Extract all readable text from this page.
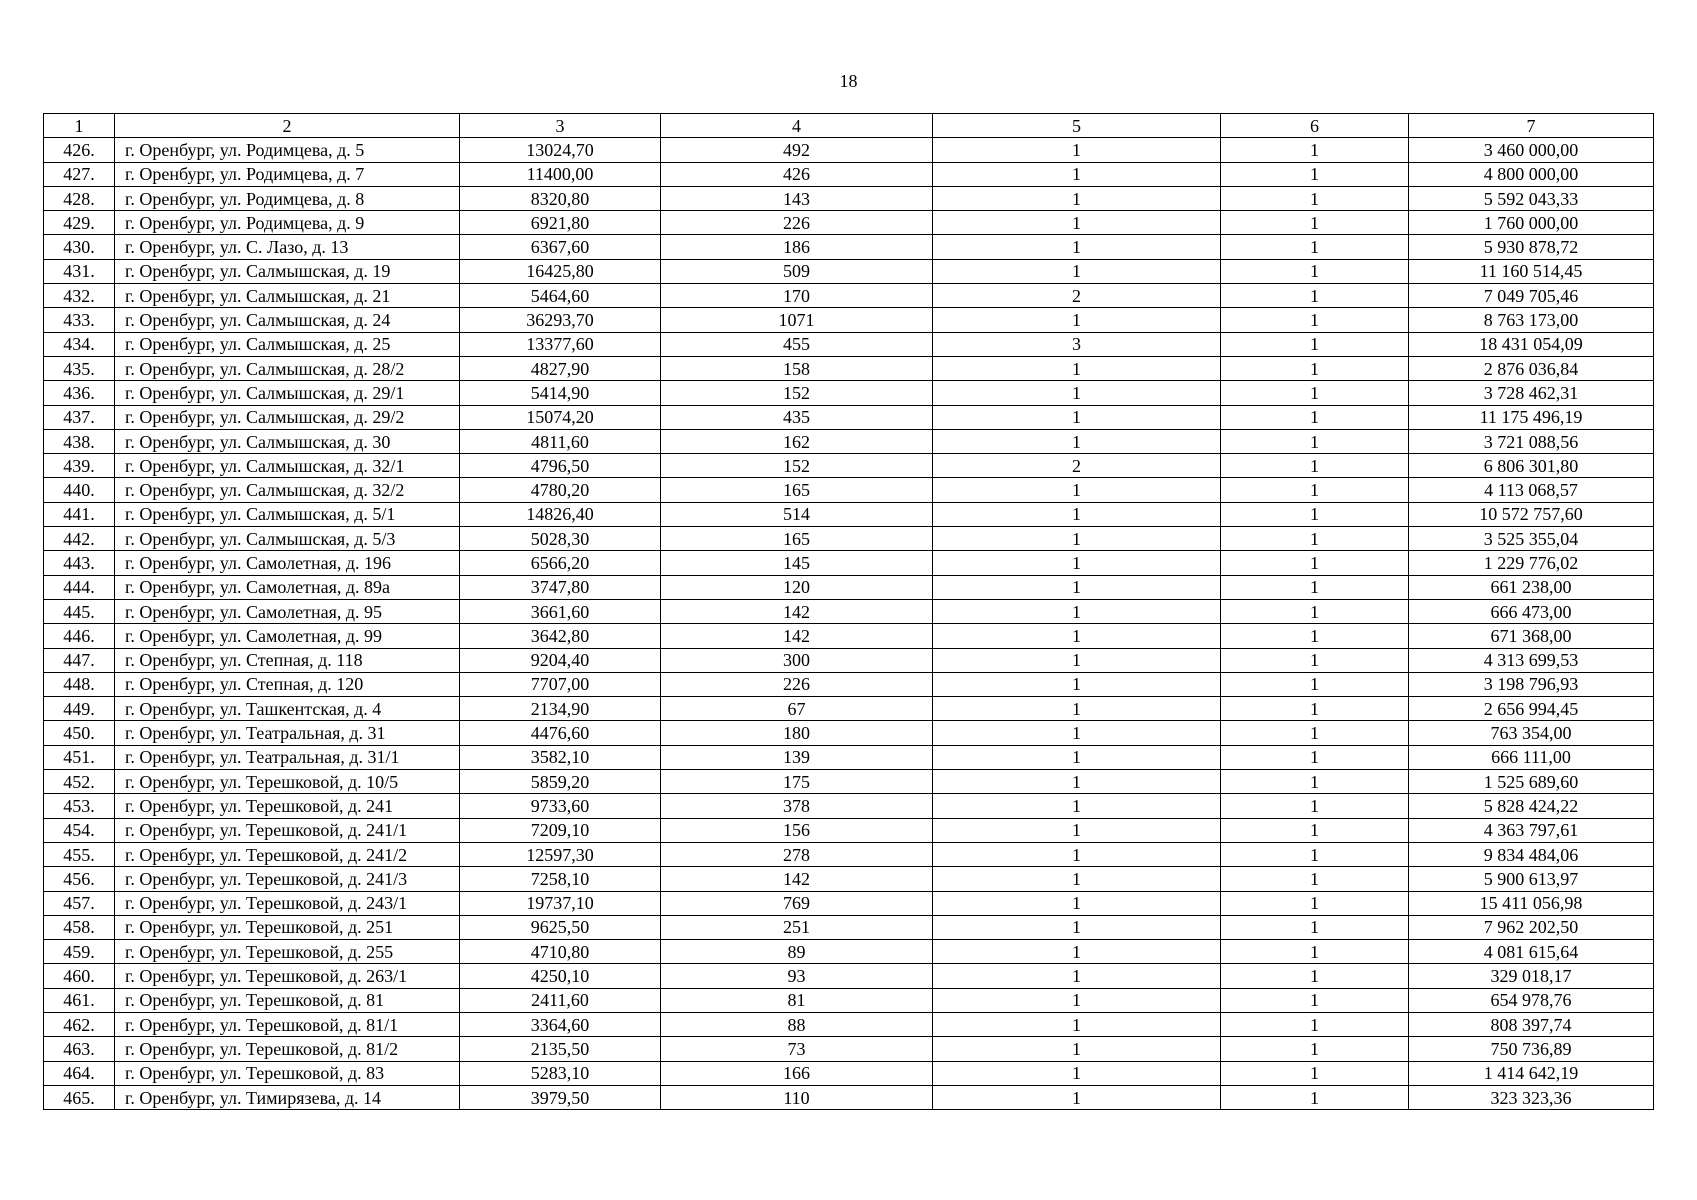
18
1	2	3	4	5	6	7
426.	г. Оренбург, ул. Родимцева, д. 5	13024,70	492	1	1	3 460 000,00
427.	г. Оренбург, ул. Родимцева, д. 7	11400,00	426	1	1	4 800 000,00
428.	г. Оренбург, ул. Родимцева, д. 8	8320,80	143	1	1	5 592 043,33
429.	г. Оренбург, ул. Родимцева, д. 9	6921,80	226	1	1	1 760 000,00
430.	г. Оренбург, ул. С. Лазо, д. 13	6367,60	186	1	1	5 930 878,72
431.	г. Оренбург, ул. Салмышская, д. 19	16425,80	509	1	1	11 160 514,45
432.	г. Оренбург, ул. Салмышская, д. 21	5464,60	170	2	1	7 049 705,46
433.	г. Оренбург, ул. Салмышская, д. 24	36293,70	1071	1	1	8 763 173,00
434.	г. Оренбург, ул. Салмышская, д. 25	13377,60	455	3	1	18 431 054,09
435.	г. Оренбург, ул. Салмышская, д. 28/2	4827,90	158	1	1	2 876 036,84
436.	г. Оренбург, ул. Салмышская, д. 29/1	5414,90	152	1	1	3 728 462,31
437.	г. Оренбург, ул. Салмышская, д. 29/2	15074,20	435	1	1	11 175 496,19
438.	г. Оренбург, ул. Салмышская, д. 30	4811,60	162	1	1	3 721 088,56
439.	г. Оренбург, ул. Салмышская, д. 32/1	4796,50	152	2	1	6 806 301,80
440.	г. Оренбург, ул. Салмышская, д. 32/2	4780,20	165	1	1	4 113 068,57
441.	г. Оренбург, ул. Салмышская, д. 5/1	14826,40	514	1	1	10 572 757,60
442.	г. Оренбург, ул. Салмышская, д. 5/3	5028,30	165	1	1	3 525 355,04
443.	г. Оренбург, ул. Самолетная, д. 196	6566,20	145	1	1	1 229 776,02
444.	г. Оренбург, ул. Самолетная, д. 89а	3747,80	120	1	1	661 238,00
445.	г. Оренбург, ул. Самолетная, д. 95	3661,60	142	1	1	666 473,00
446.	г. Оренбург, ул. Самолетная, д. 99	3642,80	142	1	1	671 368,00
447.	г. Оренбург, ул. Степная, д. 118	9204,40	300	1	1	4 313 699,53
448.	г. Оренбург, ул. Степная, д. 120	7707,00	226	1	1	3 198 796,93
449.	г. Оренбург, ул. Ташкентская, д. 4	2134,90	67	1	1	2 656 994,45
450.	г. Оренбург, ул. Театральная, д. 31	4476,60	180	1	1	763 354,00
451.	г. Оренбург, ул. Театральная, д. 31/1	3582,10	139	1	1	666 111,00
452.	г. Оренбург, ул. Терешковой, д. 10/5	5859,20	175	1	1	1 525 689,60
453.	г. Оренбург, ул. Терешковой, д. 241	9733,60	378	1	1	5 828 424,22
454.	г. Оренбург, ул. Терешковой, д. 241/1	7209,10	156	1	1	4 363 797,61
455.	г. Оренбург, ул. Терешковой, д. 241/2	12597,30	278	1	1	9 834 484,06
456.	г. Оренбург, ул. Терешковой, д. 241/3	7258,10	142	1	1	5 900 613,97
457.	г. Оренбург, ул. Терешковой, д. 243/1	19737,10	769	1	1	15 411 056,98
458.	г. Оренбург, ул. Терешковой, д. 251	9625,50	251	1	1	7 962 202,50
459.	г. Оренбург, ул. Терешковой, д. 255	4710,80	89	1	1	4 081 615,64
460.	г. Оренбург, ул. Терешковой, д. 263/1	4250,10	93	1	1	329 018,17
461.	г. Оренбург, ул. Терешковой, д. 81	2411,60	81	1	1	654 978,76
462.	г. Оренбург, ул. Терешковой, д. 81/1	3364,60	88	1	1	808 397,74
463.	г. Оренбург, ул. Терешковой, д. 81/2	2135,50	73	1	1	750 736,89
464.	г. Оренбург, ул. Терешковой, д. 83	5283,10	166	1	1	1 414 642,19
465.	г. Оренбург, ул. Тимирязева, д. 14	3979,50	110	1	1	323 323,36
